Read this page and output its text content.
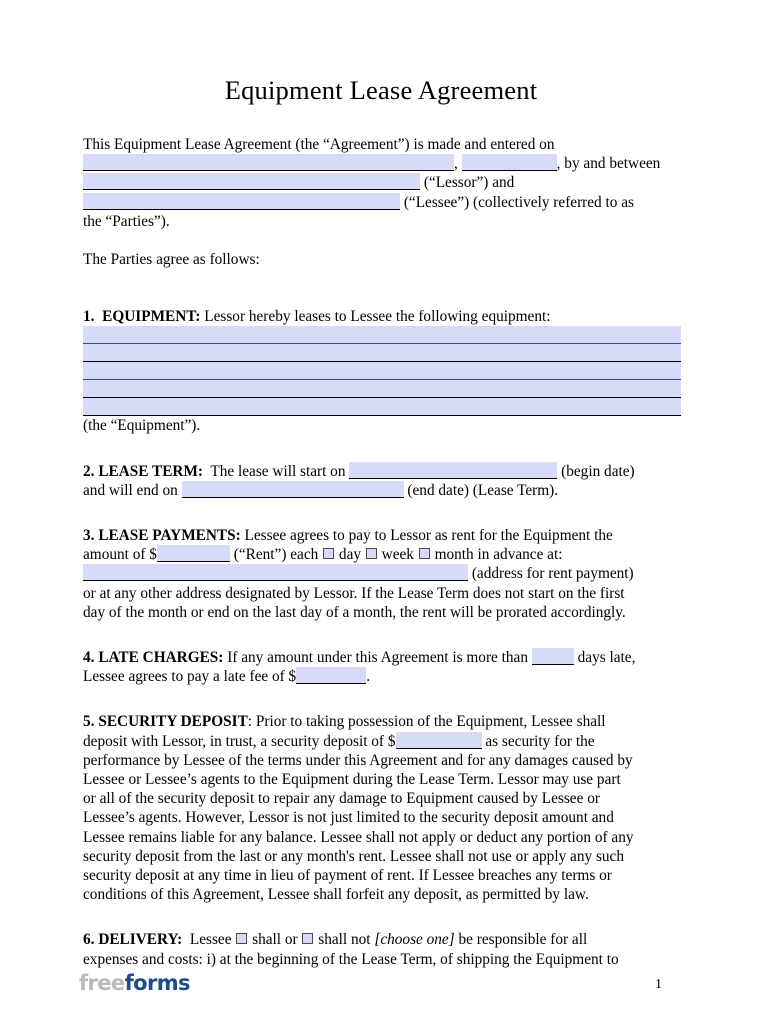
Equipment Lease Agreement

This Equipment Lease Agreement (the “Agreement”) is made and entered on

,	, by and between

(“Lessor”) and

(“Lessee”) (collectively referred to as

the “Parties”).

The Parties agree as follows:

1. EQUIPMENT: Lessor hereby leases to Lessee the following equipment:

(the “Equipment”).

2. LEASE TERM: The lease will start on	(begin date)

and will end on	(end date) (Lease Term).

3. LEASE PAYMENTS: Lessee agrees to pay to Lessor as rent for the Equipment the

amount of $	(“Rent”) each day week month in advance at:

(address for rent payment)

or at any other address designated by Lessor. If the Lease Term does not start on the first

day of the month or end on the last day of a month, the rent will be prorated accordingly.

4. LATE CHARGES: If any amount under this Agreement is more than	days late,

Lessee agrees to pay a late fee of $	.

5. SECURITY DEPOSIT: Prior to taking possession of the Equipment, Lessee shall

deposit with Lessor, in trust, a security deposit of $	as security for the

performance by Lessee of the terms under this Agreement and for any damages caused by

Lessee or Lessee’s agents to the Equipment during the Lease Term. Lessor may use part

or all of the security deposit to repair any damage to Equipment caused by Lessee or

Lessee’s agents. However, Lessor is not just limited to the security deposit amount and

Lessee remains liable for any balance. Lessee shall not apply or deduct any portion of any

security deposit from the last or any month's rent. Lessee shall not use or apply any such

security deposit at any time in lieu of payment of rent. If Lessee breaches any terms or

conditions of this Agreement, Lessee shall forfeit any deposit, as permitted by law.

6. DELIVERY: Lessee shall or shall not [choose one] be responsible for all

expenses and costs: i) at the beginning of the Lease Term, of shipping the Equipment to

freeforms	1
